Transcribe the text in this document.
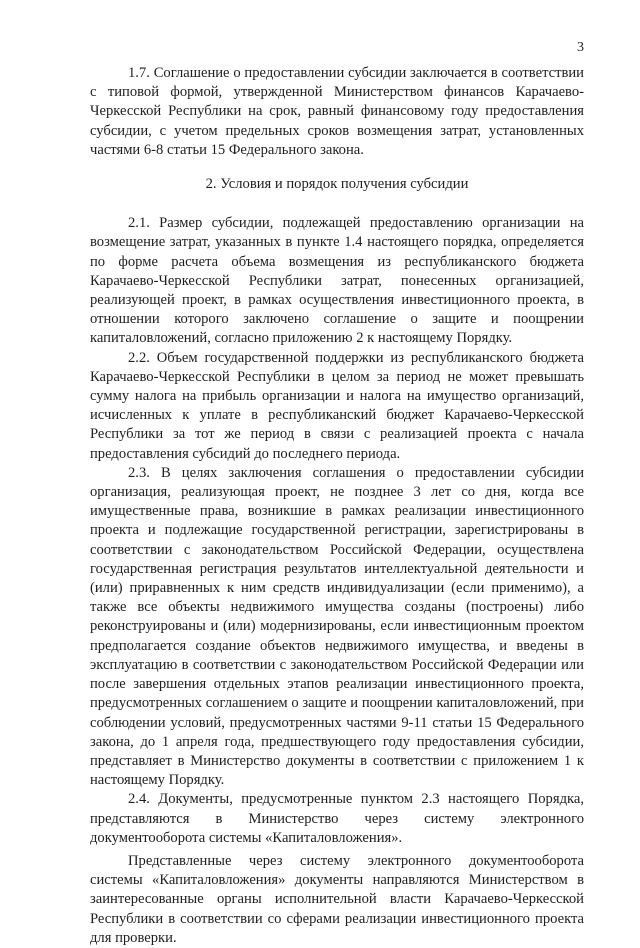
3

1.7. Соглашение о предоставлении субсидии заключается в соответствии с типовой формой, утвержденной Министерством финансов Карачаево-Черкесской Республики на срок, равный финансовому году предоставления субсидии, с учетом предельных сроков возмещения затрат, установленных частями 6-8 статьи 15 Федерального закона.

2. Условия и порядок получения субсидии

2.1. Размер субсидии, подлежащей предоставлению организации на возмещение затрат, указанных в пункте 1.4 настоящего порядка, определяется по форме расчета объема возмещения из республиканского бюджета Карачаево-Черкесской Республики затрат, понесенных организацией, реализующей проект, в рамках осуществления инвестиционного проекта, в отношении которого заключено соглашение о защите и поощрении капиталовложений, согласно приложению 2 к настоящему Порядку.

2.2. Объем государственной поддержки из республиканского бюджета Карачаево-Черкесской Республики в целом за период не может превышать сумму налога на прибыль организации и налога на имущество организаций, исчисленных к уплате в республиканский бюджет Карачаево-Черкесской Республики за тот же период в связи с реализацией проекта с начала предоставления субсидий до последнего периода.

2.3. В целях заключения соглашения о предоставлении субсидии организация, реализующая проект, не позднее 3 лет со дня, когда все имущественные права, возникшие в рамках реализации инвестиционного проекта и подлежащие государственной регистрации, зарегистрированы в соответствии с законодательством Российской Федерации, осуществлена государственная регистрация результатов интеллектуальной деятельности и (или) приравненных к ним средств индивидуализации (если применимо), а также все объекты недвижимого имущества созданы (построены) либо реконструированы и (или) модернизированы, если инвестиционным проектом предполагается создание объектов недвижимого имущества, и введены в эксплуатацию в соответствии с законодательством Российской Федерации или после завершения отдельных этапов реализации инвестиционного проекта, предусмотренных соглашением о защите и поощрении капиталовложений, при соблюдении условий, предусмотренных частями 9-11 статьи 15 Федерального закона, до 1 апреля года, предшествующего году предоставления субсидии, представляет в Министерство документы в соответствии с приложением 1 к настоящему Порядку.

2.4. Документы, предусмотренные пунктом 2.3 настоящего Порядка, представляются в Министерство через систему электронного документооборота системы «Капиталовложения».

Представленные через систему электронного документооборота системы «Капиталовложения» документы направляются Министерством в заинтересованные органы исполнительной власти Карачаево-Черкесской Республики в соответствии со сферами реализации инвестиционного проекта для проверки.
